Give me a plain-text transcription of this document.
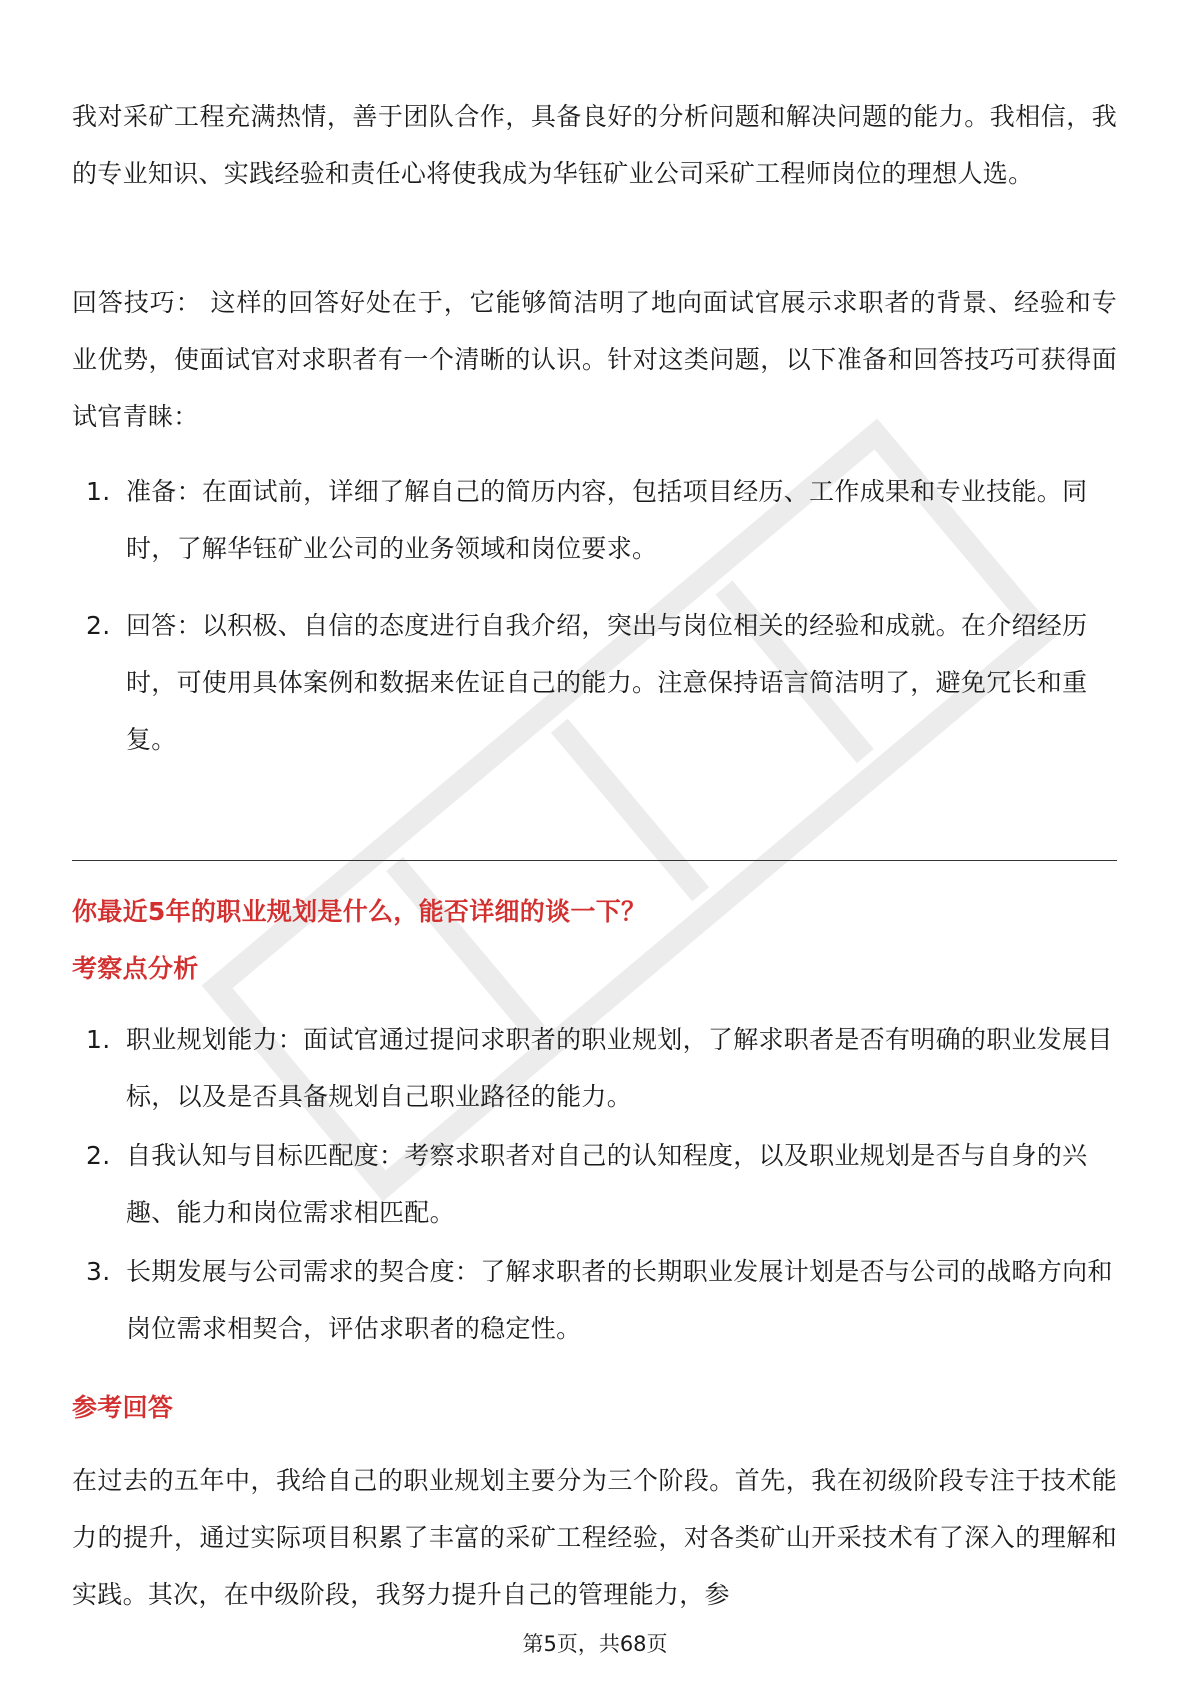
我对采矿工程充满热情，善于团队合作，具备良好的分析问题和解决问题的能力。我相信，我的专业知识、实践经验和责任心将使我成为华钰矿业公司采矿工程师岗位的理想人选。

回答技巧： 这样的回答好处在于，它能够简洁明了地向面试官展示求职者的背景、经验和专业优势，使面试官对求职者有一个清晰的认识。针对这类问题，以下准备和回答技巧可获得面试官青睐：

1. 准备：在面试前，详细了解自己的简历内容，包括项目经历、工作成果和专业技能。同时，了解华钰矿业公司的业务领域和岗位要求。
2. 回答：以积极、自信的态度进行自我介绍，突出与岗位相关的经验和成就。在介绍经历时，可使用具体案例和数据来佐证自己的能力。注意保持语言简洁明了，避免冗长和重复。
你最近5年的职业规划是什么，能否详细的谈一下？
考察点分析
1. 职业规划能力：面试官通过提问求职者的职业规划，了解求职者是否有明确的职业发展目标，以及是否具备规划自己职业路径的能力。
2. 自我认知与目标匹配度：考察求职者对自己的认知程度，以及职业规划是否与自身的兴趣、能力和岗位需求相匹配。
3. 长期发展与公司需求的契合度：了解求职者的长期职业发展计划是否与公司的战略方向和岗位需求相契合，评估求职者的稳定性。
参考回答

在过去的五年中，我给自己的职业规划主要分为三个阶段。首先，我在初级阶段专注于技术能力的提升，通过实际项目积累了丰富的采矿工程经验，对各类矿山开采技术有了深入的理解和实践。其次，在中级阶段，我努力提升自己的管理能力，参

第5页，共68页
